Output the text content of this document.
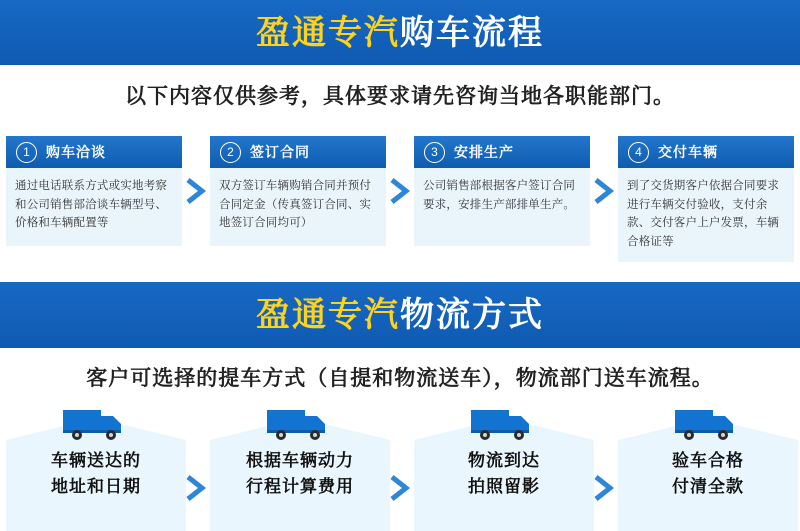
盈通专汽购车流程
以下内容仅供参考，具体要求请先咨询当地各职能部门。
1	购车洽谈
通过电话联系方式或实地考察和公司销售部洽谈车辆型号、价格和车辆配置等
2	签订合同
双方签订车辆购销合同并预付合同定金（传真签订合同、实地签订合同均可）
3	安排生产
公司销售部根据客户签订合同要求，安排生产部排单生产。
4	交付车辆
到了交货期客户依据合同要求进行车辆交付验收，支付余款、交付客户上户发票，车辆合格证等
盈通专汽物流方式
客户可选择的提车方式（自提和物流送车），物流部门送车流程。
车辆送达的
地址和日期
根据车辆动力
行程计算费用
物流到达
拍照留影
验车合格
付清全款
